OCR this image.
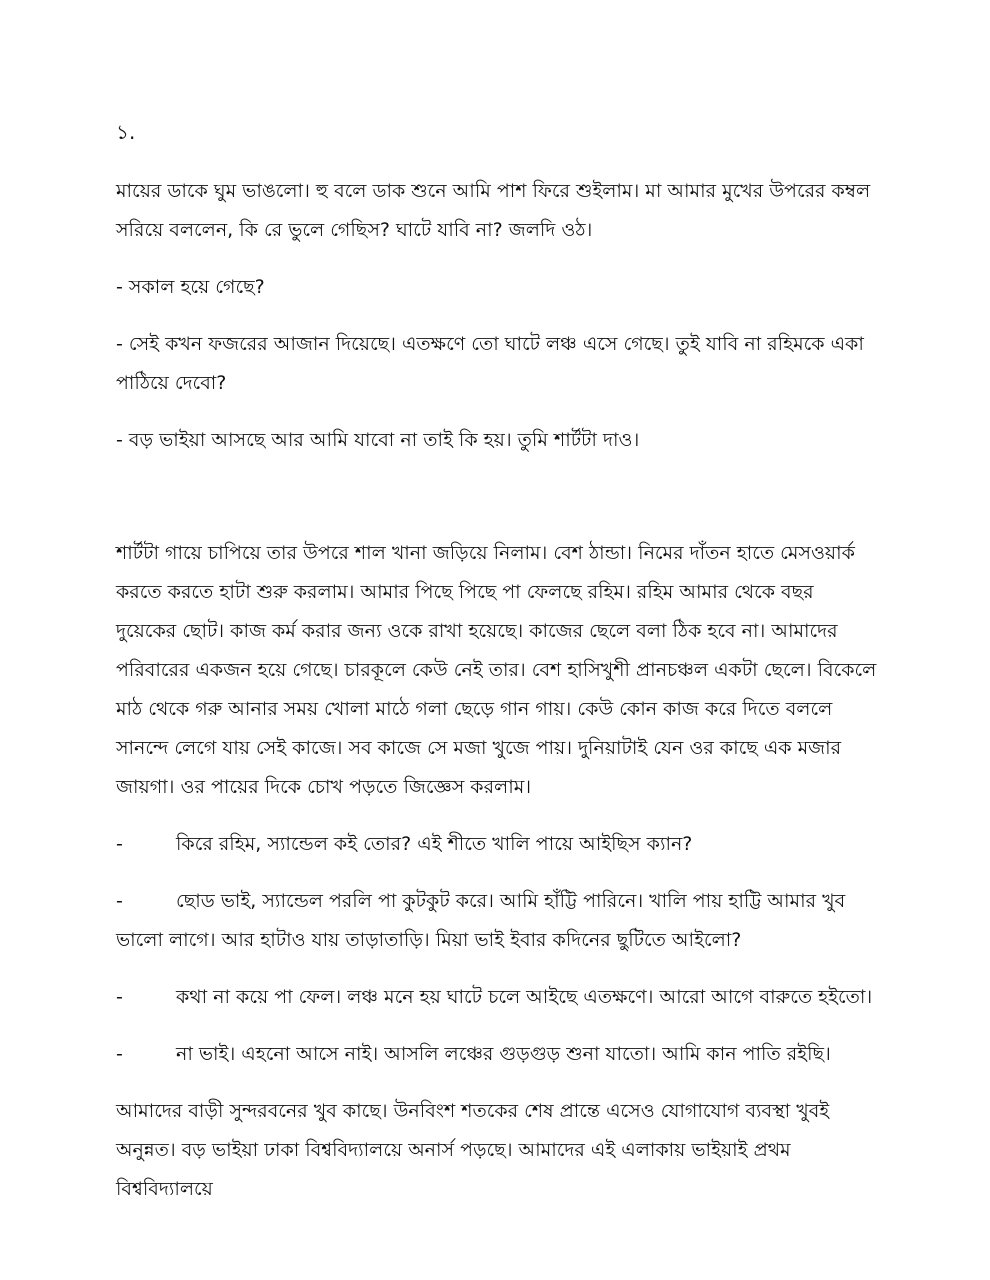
১.

মায়ের ডাকে ঘুম ভাঙলো। হু বলে ডাক শুনে আমি পাশ ফিরে শুইলাম। মা আমার মুখের উপরের কম্বল সরিয়ে বললেন, কি রে ভুলে গেছিস? ঘাটে যাবি না? জলদি ওঠ।

- সকাল হয়ে গেছে?

- সেই কখন ফজরের আজান দিয়েছে। এতক্ষণে তো ঘাটে লঞ্চ এসে গেছে। তুই যাবি না রহিমকে একা পাঠিয়ে দেবো?

- বড় ভাইয়া আসছে আর আমি যাবো না তাই কি হয়। তুমি শার্টটা দাও।

শার্টটা গায়ে চাপিয়ে তার উপরে শাল খানা জড়িয়ে নিলাম। বেশ ঠান্ডা। নিমের দাঁতন হাতে মেসওয়ার্ক করতে করতে হাটা শুরু করলাম। আমার পিছে পিছে পা ফেলছে রহিম। রহিম আমার থেকে বছর দুয়েকের ছোট। কাজ কর্ম করার জন্য ওকে রাখা হয়েছে। কাজের ছেলে বলা ঠিক হবে না। আমাদের পরিবারের একজন হয়ে গেছে। চারকূলে কেউ নেই তার। বেশ হাসিখুশী প্রানচঞ্চল একটা ছেলে। বিকেলে মাঠ থেকে গরু আনার সময় খোলা মাঠে গলা ছেড়ে গান গায়। কেউ কোন কাজ করে দিতে বললে সানন্দে লেগে যায় সেই কাজে। সব কাজে সে মজা খুজে পায়। দুনিয়াটাই যেন ওর কাছে এক মজার জায়গা। ওর পায়ের দিকে চোখ পড়তে জিজ্ঞেস করলাম।

-	কিরে রহিম, স্যান্ডেল কই তোর? এই শীতে খালি পায়ে আইছিস ক্যান?
-	ছোড ভাই, স্যান্ডেল পরলি পা কুটকুট করে। আমি হাঁট্টি পারিনে। খালি পায় হাট্টি আমার খুব ভালো লাগে। আর হাটাও যায় তাড়াতাড়ি। মিয়া ভাই ইবার কদিনের ছুটিতে আইলো?
-	কথা না কয়ে পা ফেল। লঞ্চ মনে হয় ঘাটে চলে আইছে এতক্ষণে। আরো আগে বারুতে হইতো।
-	না ভাই। এহনো আসে নাই। আসলি লঞ্চের গুড়গুড় শুনা যাতো। আমি কান পাতি রইছি।

আমাদের বাড়ী সুন্দরবনের খুব কাছে। উনবিংশ শতকের শেষ প্রান্তে এসেও যোগাযোগ ব্যবস্থা খুবই অনুন্নত। বড় ভাইয়া ঢাকা বিশ্ববিদ্যালয়ে অনার্স পড়ছে। আমাদের এই এলাকায় ভাইয়াই প্রথম বিশ্ববিদ্যালয়ে
